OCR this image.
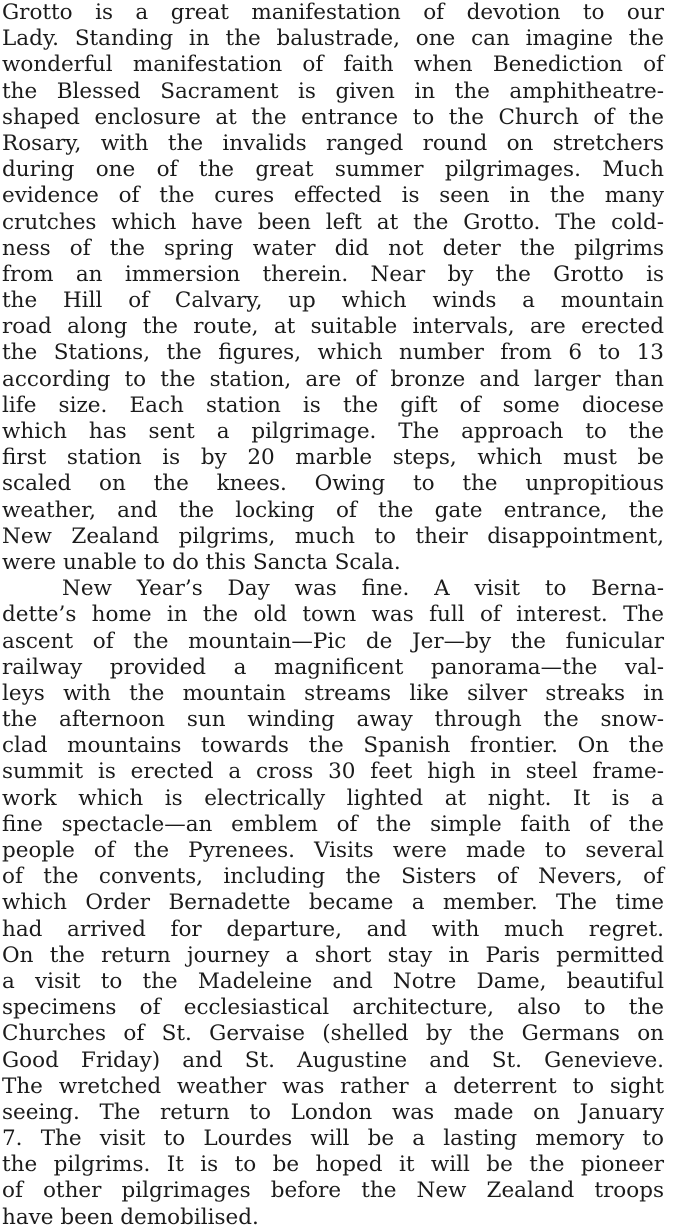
Grotto is a great manifestation of devotion to our
Lady. Standing in the balustrade, one can imagine the
wonderful manifestation of faith when Benediction of
the Blessed Sacrament is given in the amphitheatre-
shaped enclosure at the entrance to the Church of the
Rosary, with the invalids ranged round on stretchers
during one of the great summer pilgrimages. Much
evidence of the cures effected is seen in the many
crutches which have been left at the Grotto. The cold-
ness of the spring water did not deter the pilgrims
from an immersion therein. Near by the Grotto is
the Hill of Calvary, up which winds a mountain
road along the route, at suitable intervals, are erected
the Stations, the figures, which number from 6 to 13
according to the station, are of bronze and larger than
life size. Each station is the gift of some diocese
which has sent a pilgrimage. The approach to the
first station is by 20 marble steps, which must be
scaled on the knees. Owing to the unpropitious
weather, and the locking of the gate entrance, the
New Zealand pilgrims, much to their disappointment,
were unable to do this Sancta Scala.
New Year’s Day was fine. A visit to Berna-
dette’s home in the old town was full of interest. The
ascent of the mountain—Pic de Jer—by the funicular
railway provided a magnificent panorama—the val-
leys with the mountain streams like silver streaks in
the afternoon sun winding away through the snow-
clad mountains towards the Spanish frontier. On the
summit is erected a cross 30 feet high in steel frame-
work which is electrically lighted at night. It is a
fine spectacle—an emblem of the simple faith of the
people of the Pyrenees. Visits were made to several
of the convents, including the Sisters of Nevers, of
which Order Bernadette became a member. The time
had arrived for departure, and with much regret.
On the return journey a short stay in Paris permitted
a visit to the Madeleine and Notre Dame, beautiful
specimens of ecclesiastical architecture, also to the
Churches of St. Gervaise (shelled by the Germans on
Good Friday) and St. Augustine and St. Genevieve.
The wretched weather was rather a deterrent to sight
seeing. The return to London was made on January
7. The visit to Lourdes will be a lasting memory to
the pilgrims. It is to be hoped it will be the pioneer
of other pilgrimages before the New Zealand troops
have been demobilised.
